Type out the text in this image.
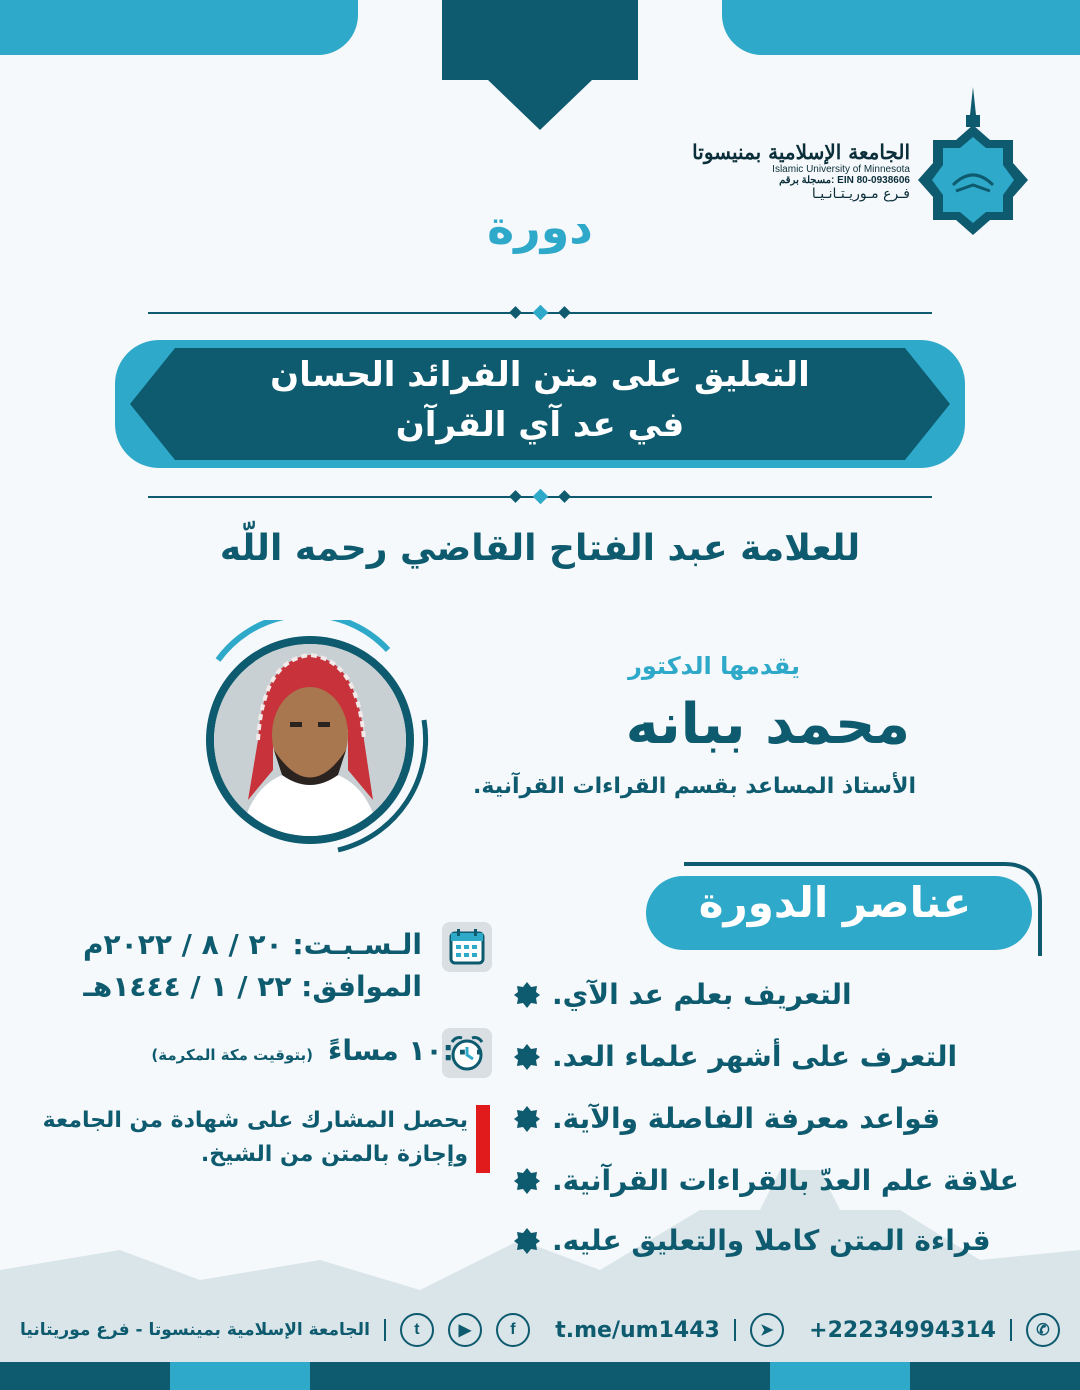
الجامعة الإسلامية بمنيسوتا
Islamic University of Minnesota
EIN 80-0938606 :مسجلة برقم
فـرع مـوريـتـانـيـا
دورة
التعليق على متن الفرائد الحسان
في عد آي القرآن
للعلامة عبد الفتاح القاضي رحمه اللّه
يقدمها الدكتور
محمد ببانه
الأستاذ المساعد بقسم القراءات القرآنية.
عناصر الدورة
التعريف بعلم عد الآي.
التعرف على أشهر علماء العد.
قواعد معرفة الفاصلة والآية.
علاقة علم العدّ بالقراءات القرآنية.
قراءة المتن كاملا والتعليق عليه.
الـسـبـت: ٢٠ / ٨ / ٢٠٢٢م
الموافق: ٢٢ / ١ / ١٤٤٤هـ
١٠:٠٠ مساءً (بتوقيت مكة المكرمة)
يحصل المشارك على شهادة من الجامعة
وإجازة بالمتن من الشيخ.
الجامعة الإسلامية بمينسوتا - فرع موريتانيا	t	▶	f	t.me/um1443	➤	+22234994314	✆
